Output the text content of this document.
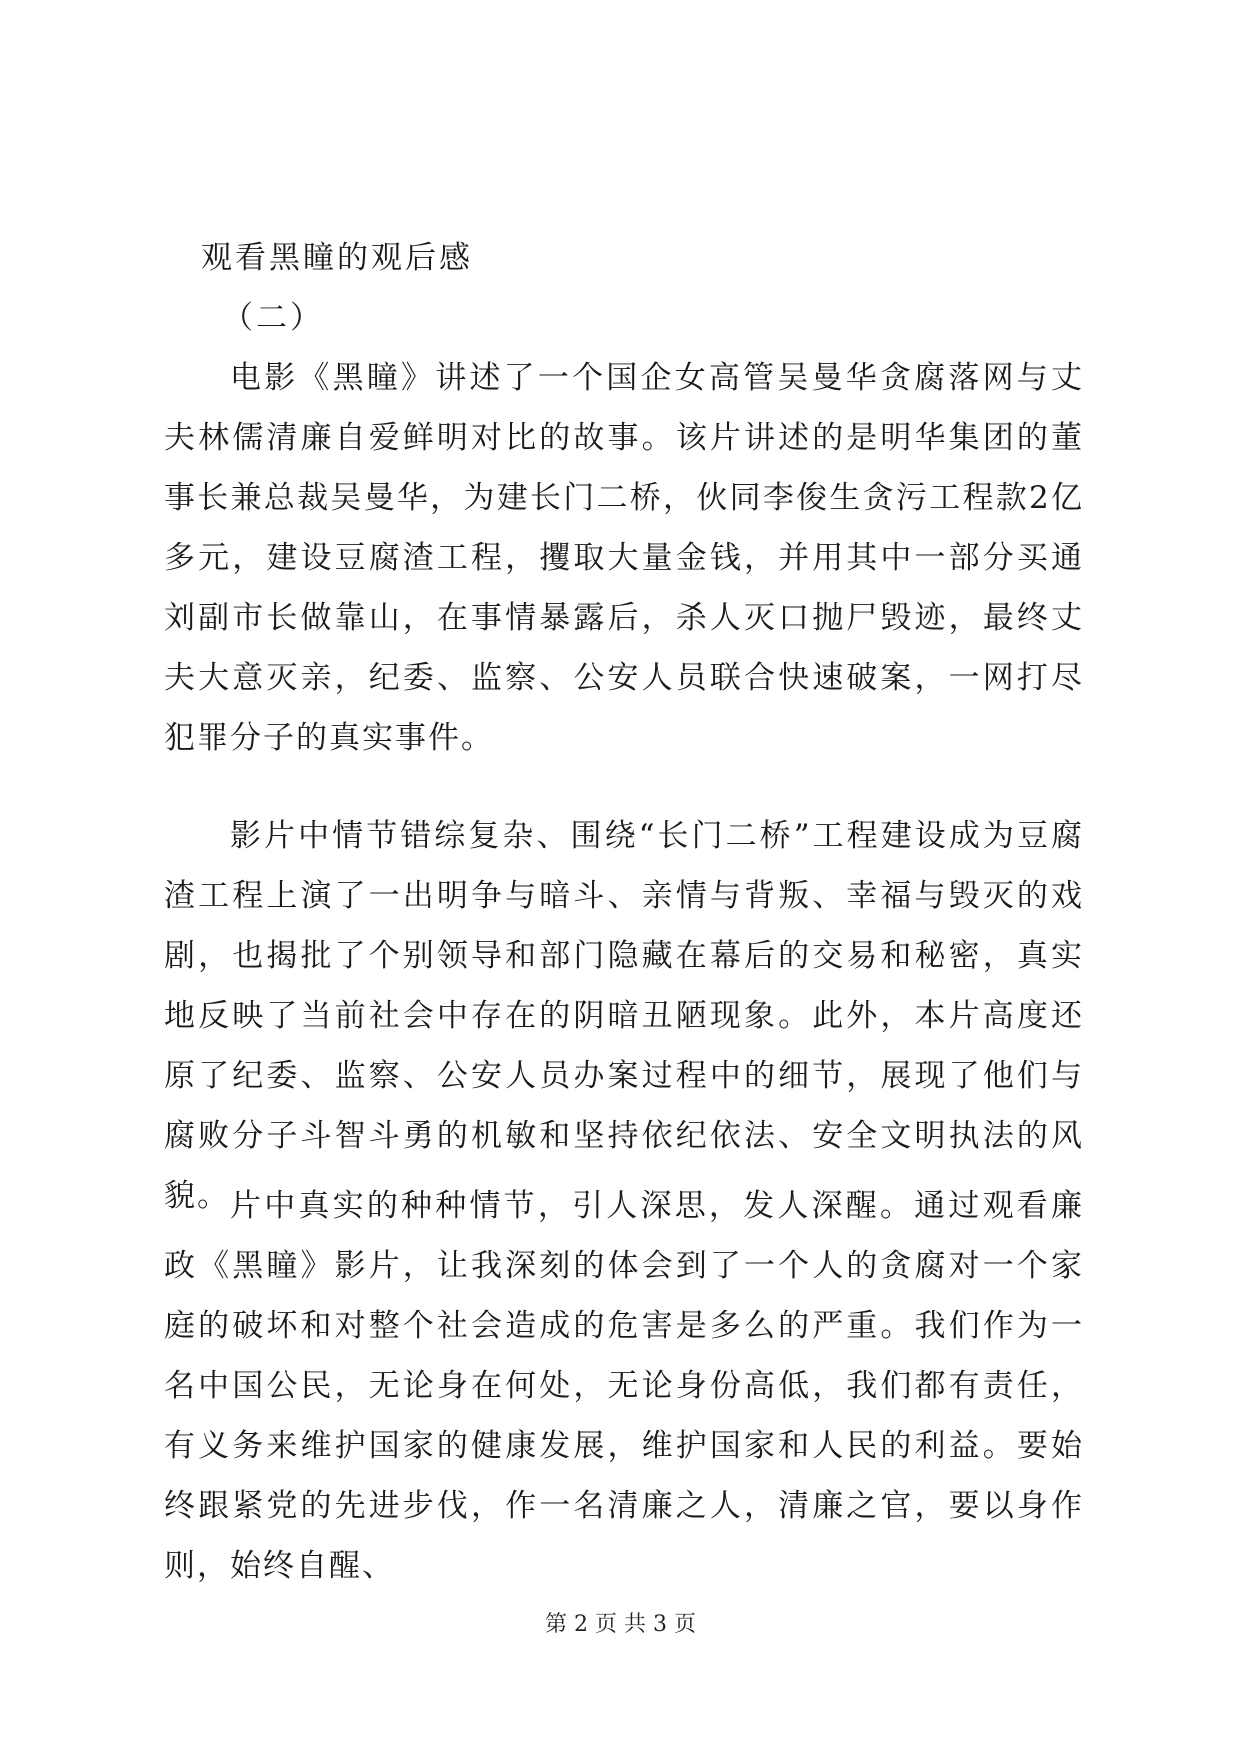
观看黑瞳的观后感
（二）

电影《黑瞳》讲述了一个国企女高管吴曼华贪腐落网与丈夫林儒清廉自爱鲜明对比的故事。该片讲述的是明华集团的董事长兼总裁吴曼华，为建长门二桥，伙同李俊生贪污工程款2亿多元，建设豆腐渣工程，攫取大量金钱，并用其中一部分买通刘副市长做靠山，在事情暴露后，杀人灭口抛尸毁迹，最终丈夫大意灭亲，纪委、监察、公安人员联合快速破案，一网打尽犯罪分子的真实事件。

影片中情节错综复杂、围绕“长门二桥”工程建设成为豆腐渣工程上演了一出明争与暗斗、亲情与背叛、幸福与毁灭的戏剧，也揭批了个别领导和部门隐藏在幕后的交易和秘密，真实地反映了当前社会中存在的阴暗丑陋现象。此外，本片高度还原了纪委、监察、公安人员办案过程中的细节，展现了他们与腐败分子斗智斗勇的机敏和坚持依纪依法、安全文明执法的风貌。 片中真实的种种情节，引人深思，发人深醒。通过观看廉政《黑瞳》影片，让我深刻的体会到了一个人的贪腐对一个家庭的破坏和对整个社会造成的危害是多么的严重。我们作为一名中国公民，无论身在何处，无论身份高低，我们都有责任，有义务来维护国家的健康发展，维护国家和人民的利益。要始终跟紧党的先进步伐，作一名清廉之人，清廉之官，要以身作则，始终自醒、

第 2 页 共 3 页
